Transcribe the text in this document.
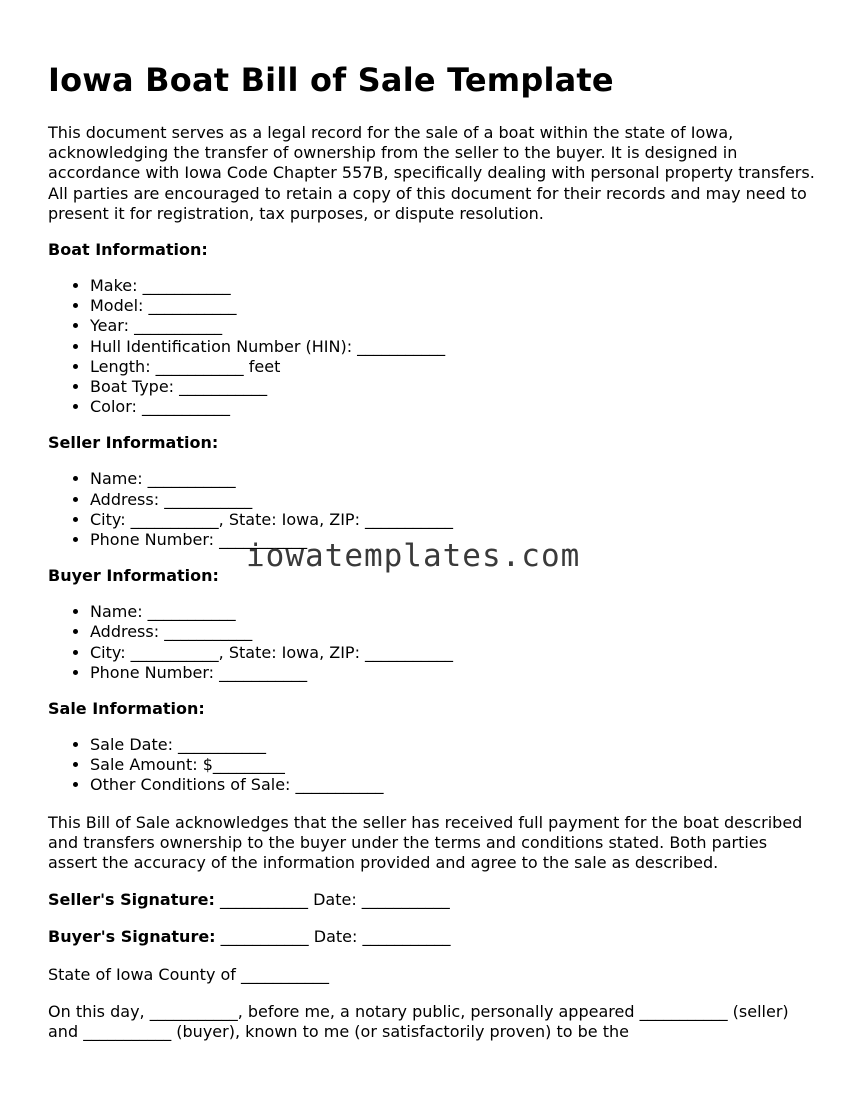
Iowa Boat Bill of Sale Template

This document serves as a legal record for the sale of a boat within the state of Iowa, acknowledging the transfer of ownership from the seller to the buyer. It is designed in accordance with Iowa Code Chapter 557B, specifically dealing with personal property transfers. All parties are encouraged to retain a copy of this document for their records and may need to present it for registration, tax purposes, or dispute resolution.

Boat Information:
• Make: ___________
• Model: ___________
• Year: ___________
• Hull Identification Number (HIN): ___________
• Length: ___________ feet
• Boat Type: ___________
• Color: ___________
Seller Information:
• Name: ___________
• Address: ___________
• City: ___________, State: Iowa, ZIP: ___________
• Phone Number: ___________
Buyer Information:
• Name: ___________
• Address: ___________
• City: ___________, State: Iowa, ZIP: ___________
• Phone Number: ___________
Sale Information:
• Sale Date: ___________
• Sale Amount: $_________
• Other Conditions of Sale: ___________

This Bill of Sale acknowledges that the seller has received full payment for the boat described and transfers ownership to the buyer under the terms and conditions stated. Both parties assert the accuracy of the information provided and agree to the sale as described.

Seller's Signature: ___________ Date: ___________

Buyer's Signature: ___________ Date: ___________

State of Iowa County of ___________

On this day, ___________, before me, a notary public, personally appeared ___________ (seller) and ___________ (buyer), known to me (or satisfactorily proven) to be the

iowatemplates.com
